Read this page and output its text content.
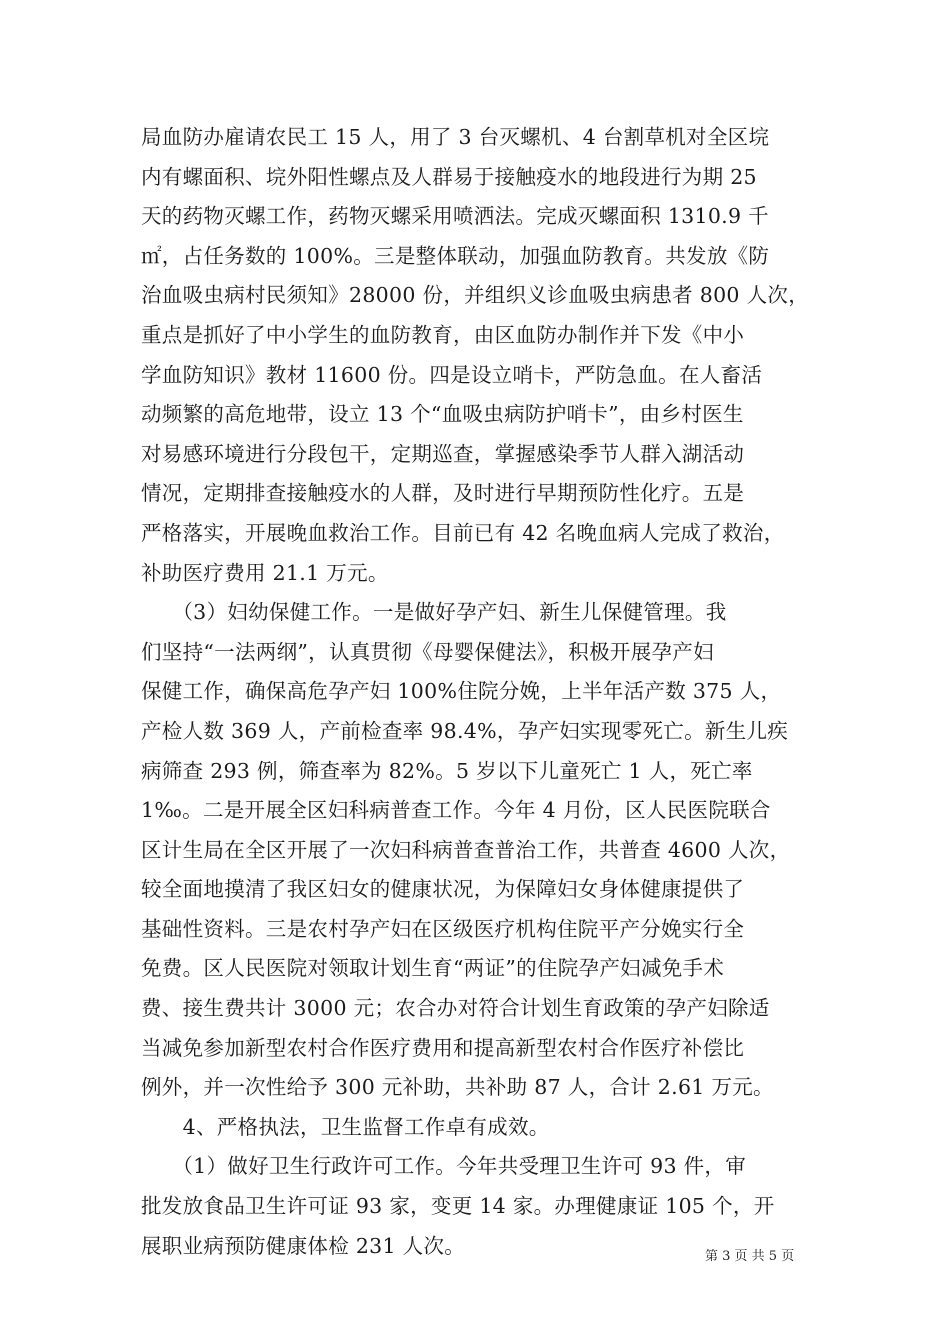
局血防办雇请农民工 15 人，用了 3 台灭螺机、4 台割草机对全区垸
内有螺面积、垸外阳性螺点及人群易于接触疫水的地段进行为期 25
天的药物灭螺工作，药物灭螺采用喷洒法。完成灭螺面积 1310.9 千
㎡，占任务数的 100%。三是整体联动，加强血防教育。共发放《防
治血吸虫病村民须知》28000 份，并组织义诊血吸虫病患者 800 人次，
重点是抓好了中小学生的血防教育，由区血防办制作并下发《中小
学血防知识》教材 11600 份。四是设立哨卡，严防急血。在人畜活
动频繁的高危地带，设立 13 个“血吸虫病防护哨卡”，由乡村医生
对易感环境进行分段包干，定期巡查，掌握感染季节人群入湖活动
情况，定期排查接触疫水的人群，及时进行早期预防性化疗。五是
严格落实，开展晚血救治工作。目前已有 42 名晚血病人完成了救治，
补助医疗费用 21.1 万元。
　　（3）妇幼保健工作。一是做好孕产妇、新生儿保健管理。我
们坚持“一法两纲”，认真贯彻《母婴保健法》，积极开展孕产妇
保健工作，确保高危孕产妇 100%住院分娩，上半年活产数 375 人，
产检人数 369 人，产前检查率 98.4%，孕产妇实现零死亡。新生儿疾
病筛查 293 例，筛查率为 82%。5 岁以下儿童死亡 1 人，死亡率
1‰。二是开展全区妇科病普查工作。今年 4 月份，区人民医院联合
区计生局在全区开展了一次妇科病普查普治工作，共普查 4600 人次，
较全面地摸清了我区妇女的健康状况，为保障妇女身体健康提供了
基础性资料。三是农村孕产妇在区级医疗机构住院平产分娩实行全
免费。区人民医院对领取计划生育“两证”的住院孕产妇减免手术
费、接生费共计 3000 元；农合办对符合计划生育政策的孕产妇除适
当减免参加新型农村合作医疗费用和提高新型农村合作医疗补偿比
例外，并一次性给予 300 元补助，共补助 87 人，合计 2.61 万元。
　　4、严格执法，卫生监督工作卓有成效。
　　（1）做好卫生行政许可工作。今年共受理卫生许可 93 件，审
批发放食品卫生许可证 93 家，变更 14 家。办理健康证 105 个，开
展职业病预防健康体检 231 人次。	第 3 页 共 5 页
